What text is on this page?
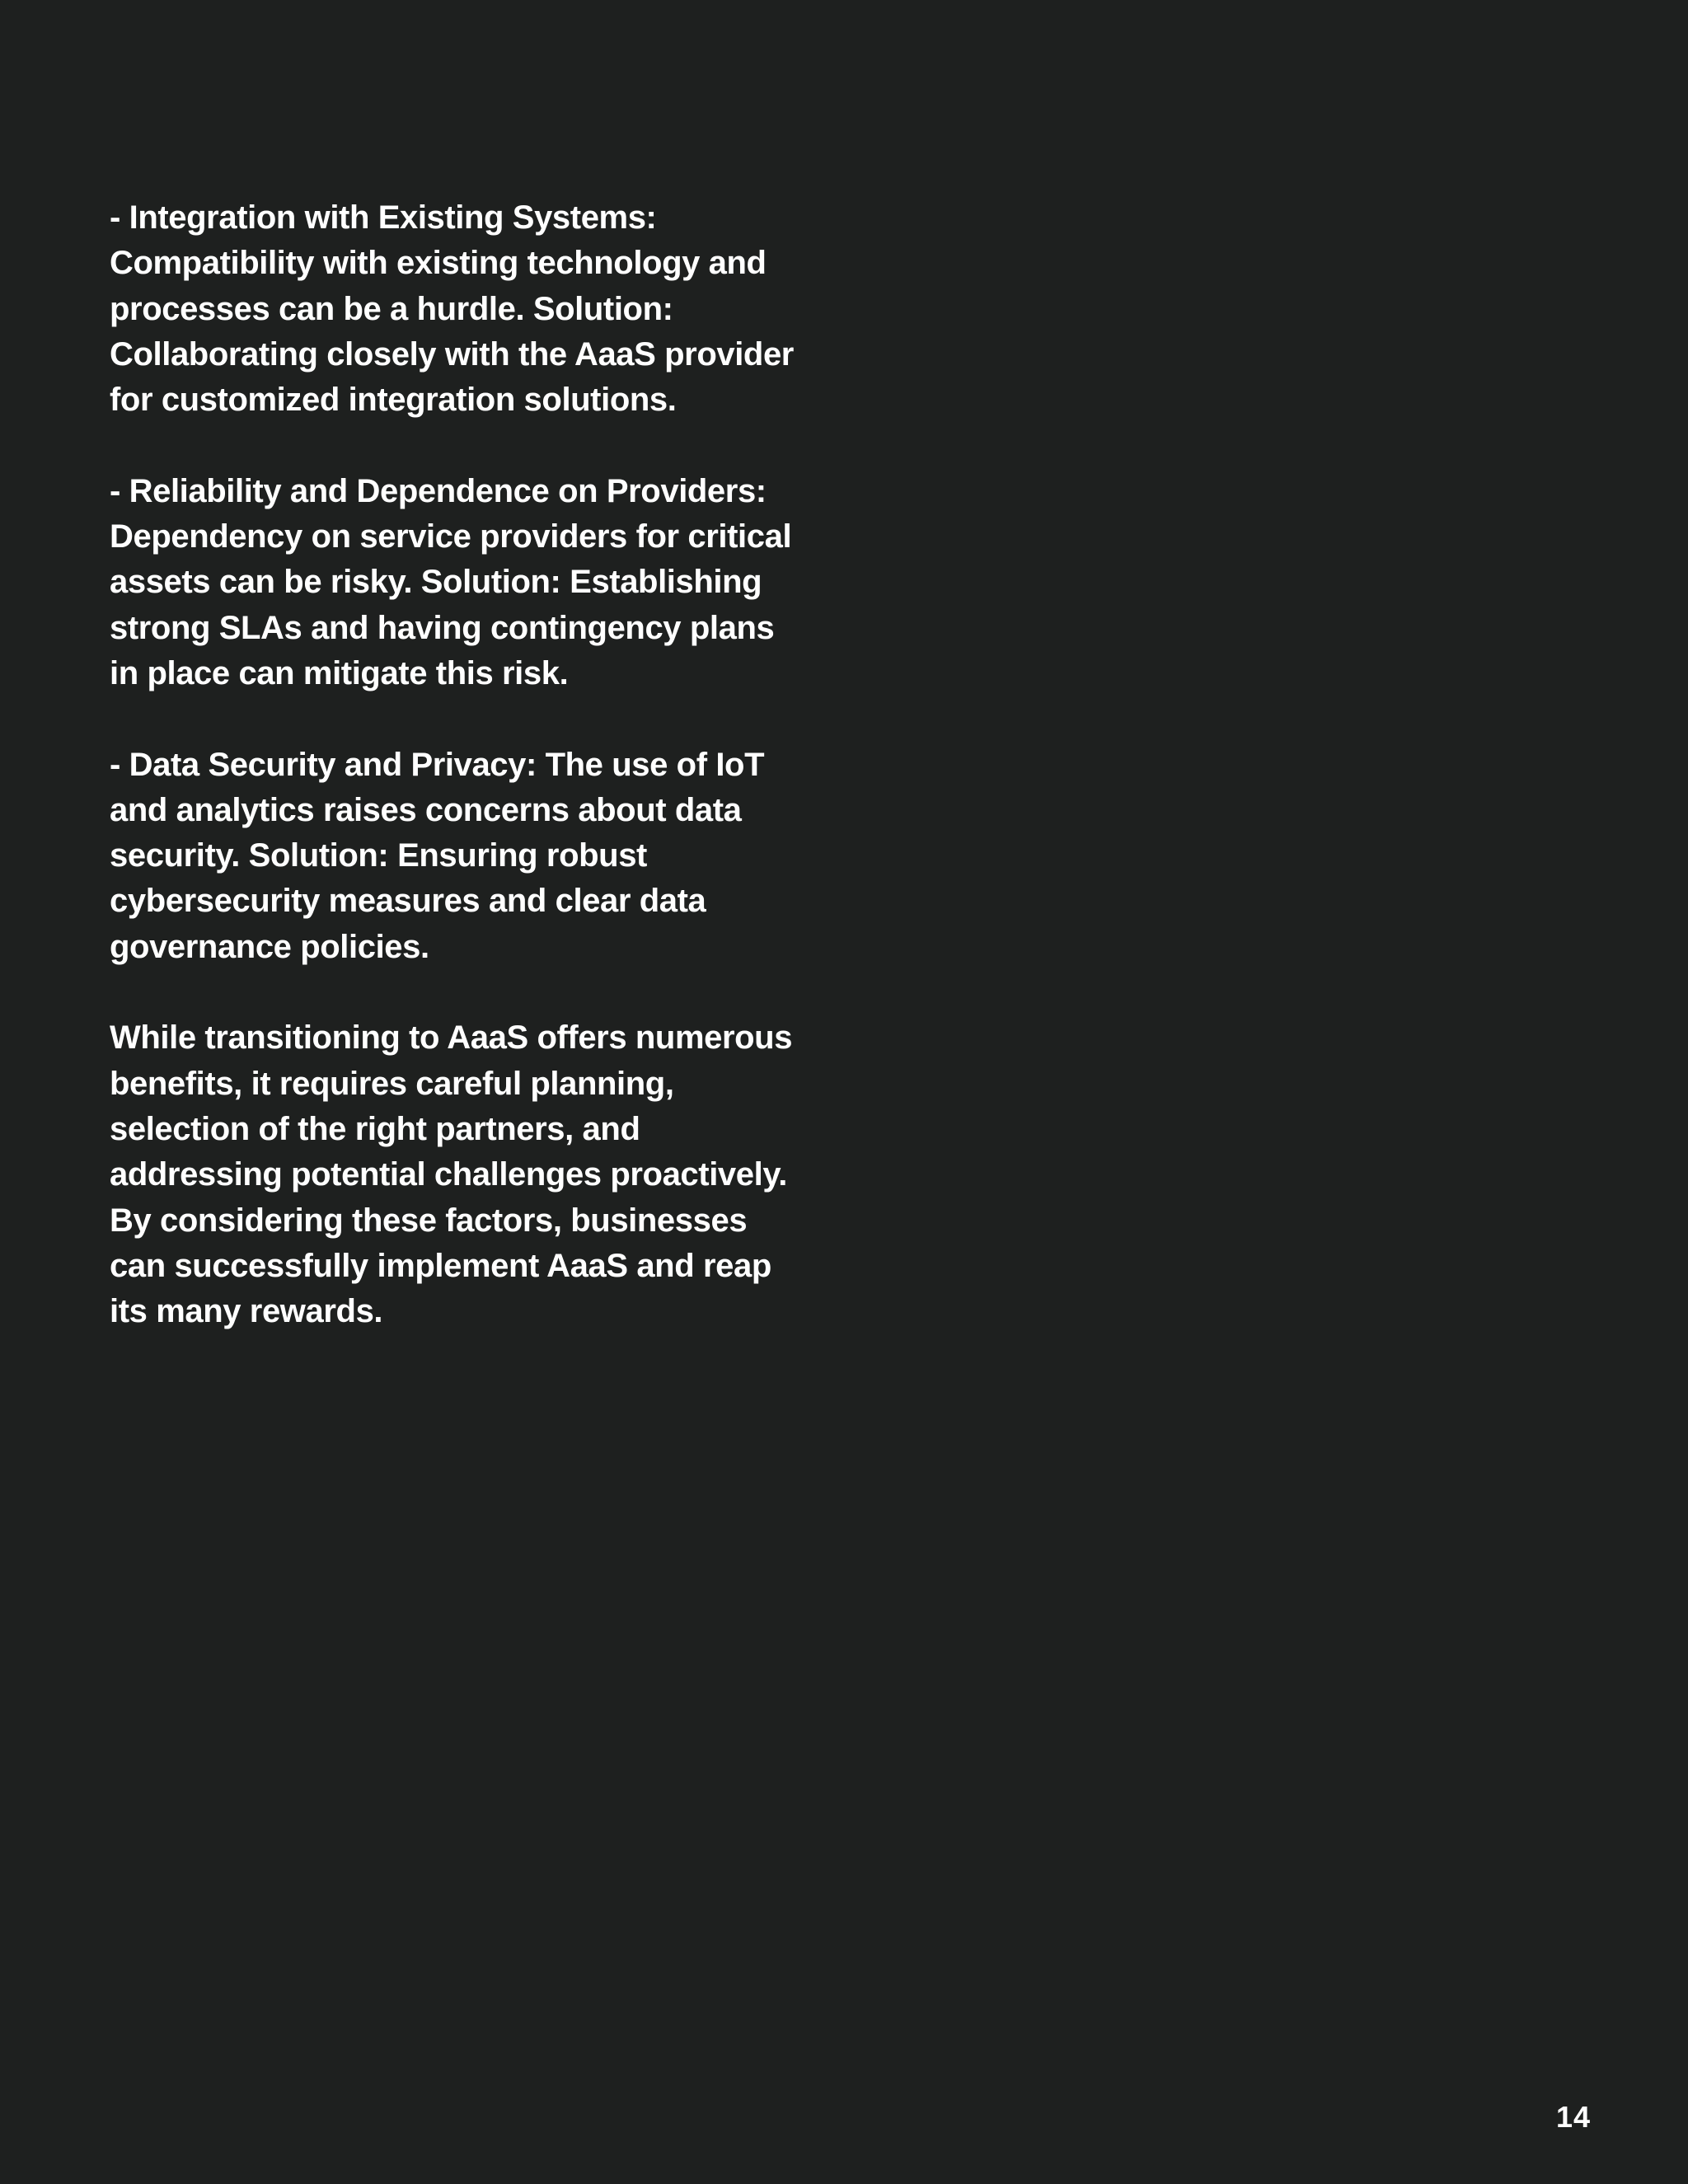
- Integration with Existing Systems: Compatibility with existing technology and processes can be a hurdle. Solution: Collaborating closely with the AaaS provider for customized integration solutions.

- Reliability and Dependence on Providers: Dependency on service providers for critical assets can be risky. Solution: Establishing strong SLAs and having contingency plans in place can mitigate this risk.

- Data Security and Privacy: The use of IoT and analytics raises concerns about data security. Solution: Ensuring robust cybersecurity measures and clear data governance policies.

While transitioning to AaaS offers numerous benefits, it requires careful planning, selection of the right partners, and addressing potential challenges proactively. By considering these factors, businesses can successfully implement AaaS and reap its many rewards.

14
